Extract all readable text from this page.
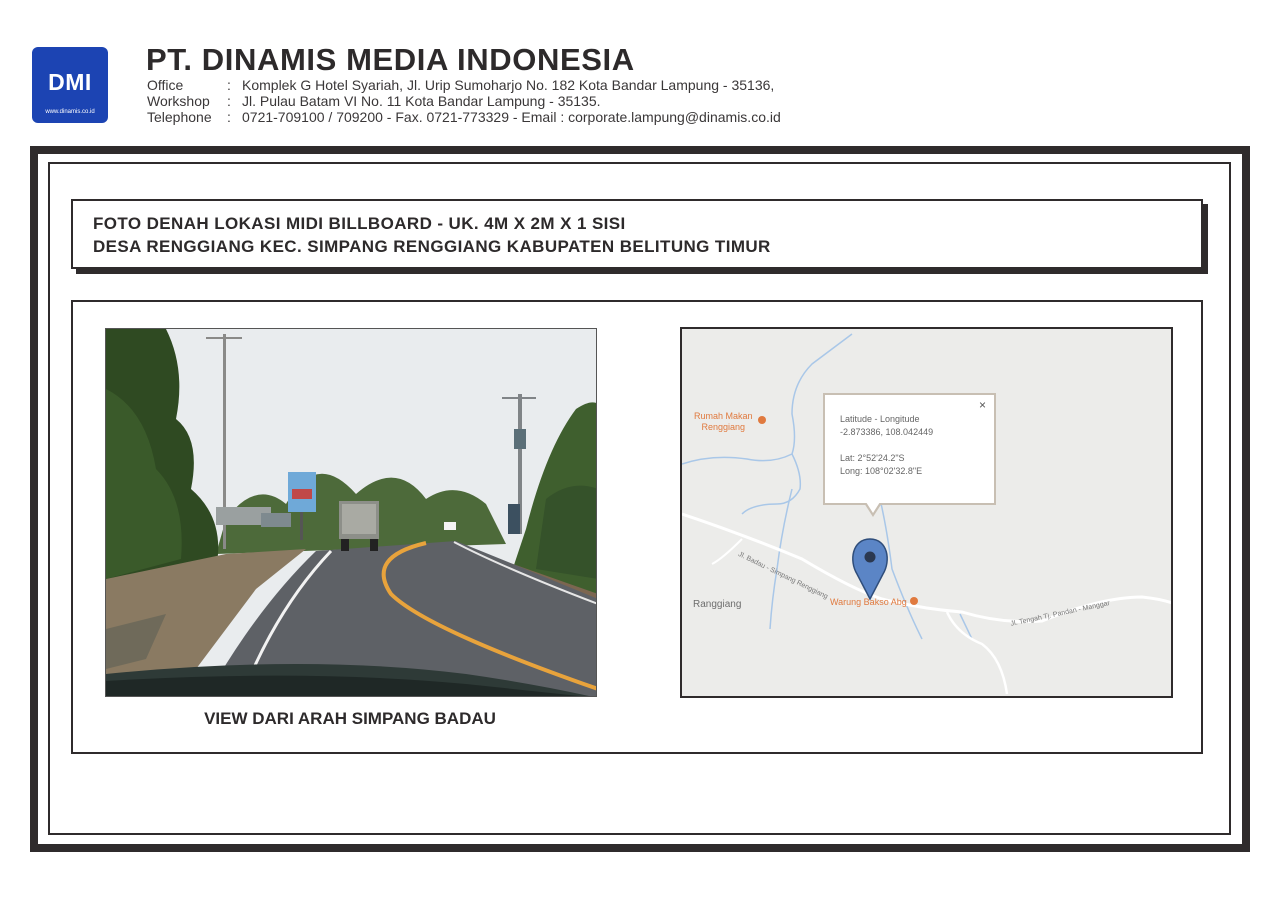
DMI
www.dinamis.co.id
PT. DINAMIS MEDIA INDONESIA
Office	: Komplek G Hotel Syariah, Jl. Urip Sumoharjo No. 182 Kota Bandar Lampung - 35136,
Workshop	: Jl. Pulau Batam VI No. 11 Kota Bandar Lampung - 35135.
Telephone	: 0721-709100 / 709200 - Fax. 0721-773329 - Email : corporate.lampung@dinamis.co.id
FOTO DENAH LOKASI MIDI BILLBOARD - UK. 4M X 2M X 1 SISI
DESA RENGGIANG KEC. SIMPANG RENGGIANG KABUPATEN BELITUNG TIMUR
VIEW DARI ARAH SIMPANG BADAU
Rumah Makan
Renggiang
Warung Bakso Abg
Ranggiang
Jl. Badau - Simpang Renggiang
Jl. Tengah Tj. Pandan - Manggar
×
Latitude - Longitude
-2.873386, 108.042449
Lat: 2°52'24.2"S
Long: 108°02'32.8"E
